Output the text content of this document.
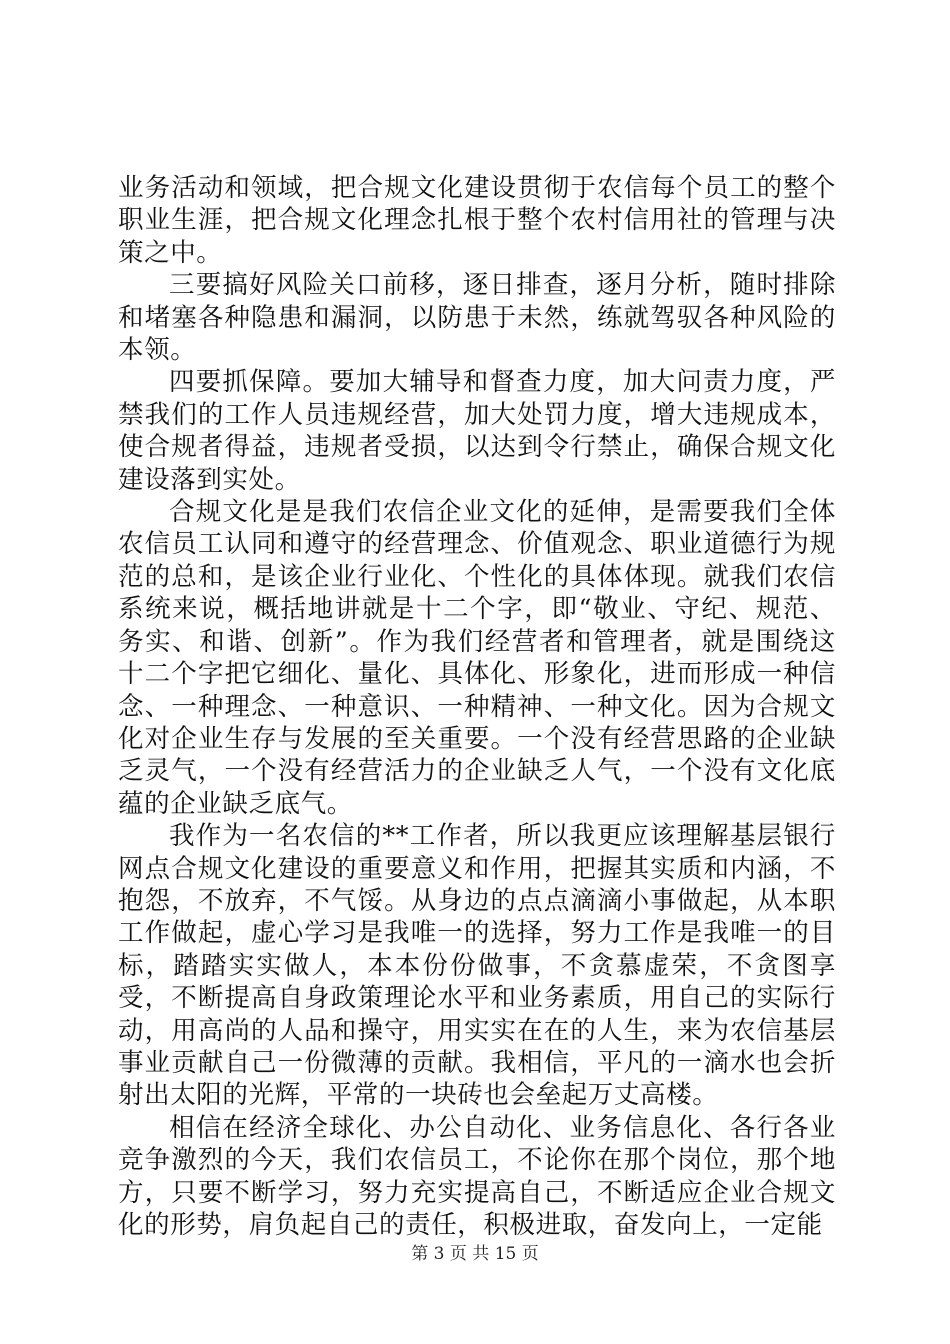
业务活动和领域，把合规文化建设贯彻于农信每个员工的整个职业生涯，把合规文化理念扎根于整个农村信用社的管理与决策之中。

三要搞好风险关口前移，逐日排查，逐月分析，随时排除和堵塞各种隐患和漏洞，以防患于未然，练就驾驭各种风险的本领。

四要抓保障。要加大辅导和督查力度，加大问责力度，严禁我们的工作人员违规经营，加大处罚力度，增大违规成本，使合规者得益，违规者受损，以达到令行禁止，确保合规文化建设落到实处。

合规文化是是我们农信企业文化的延伸，是需要我们全体农信员工认同和遵守的经营理念、价值观念、职业道德行为规范的总和，是该企业行业化、个性化的具体体现。就我们农信系统来说，概括地讲就是十二个字，即“敬业、守纪、规范、务实、和谐、创新”。作为我们经营者和管理者，就是围绕这十二个字把它细化、量化、具体化、形象化，进而形成一种信念、一种理念、一种意识、一种精神、一种文化。因为合规文化对企业生存与发展的至关重要。一个没有经营思路的企业缺乏灵气，一个没有经营活力的企业缺乏人气，一个没有文化底蕴的企业缺乏底气。

我作为一名农信的**工作者，所以我更应该理解基层银行网点合规文化建设的重要意义和作用，把握其实质和内涵，不抱怨，不放弃，不气馁。从身边的点点滴滴小事做起，从本职工作做起，虚心学习是我唯一的选择，努力工作是我唯一的目标，踏踏实实做人，本本份份做事，不贪慕虚荣，不贪图享受，不断提高自身政策理论水平和业务素质，用自己的实际行动，用高尚的人品和操守，用实实在在的人生，来为农信基层事业贡献自己一份微薄的贡献。我相信，平凡的一滴水也会折射出太阳的光辉，平常的一块砖也会垒起万丈高楼。

相信在经济全球化、办公自动化、业务信息化、各行各业竞争激烈的今天，我们农信员工，不论你在那个岗位，那个地方，只要不断学习，努力充实提高自己，不断适应企业合规文化的形势，肩负起自己的责任，积极进取，奋发向上，一定能

第 3 页 共 15 页
